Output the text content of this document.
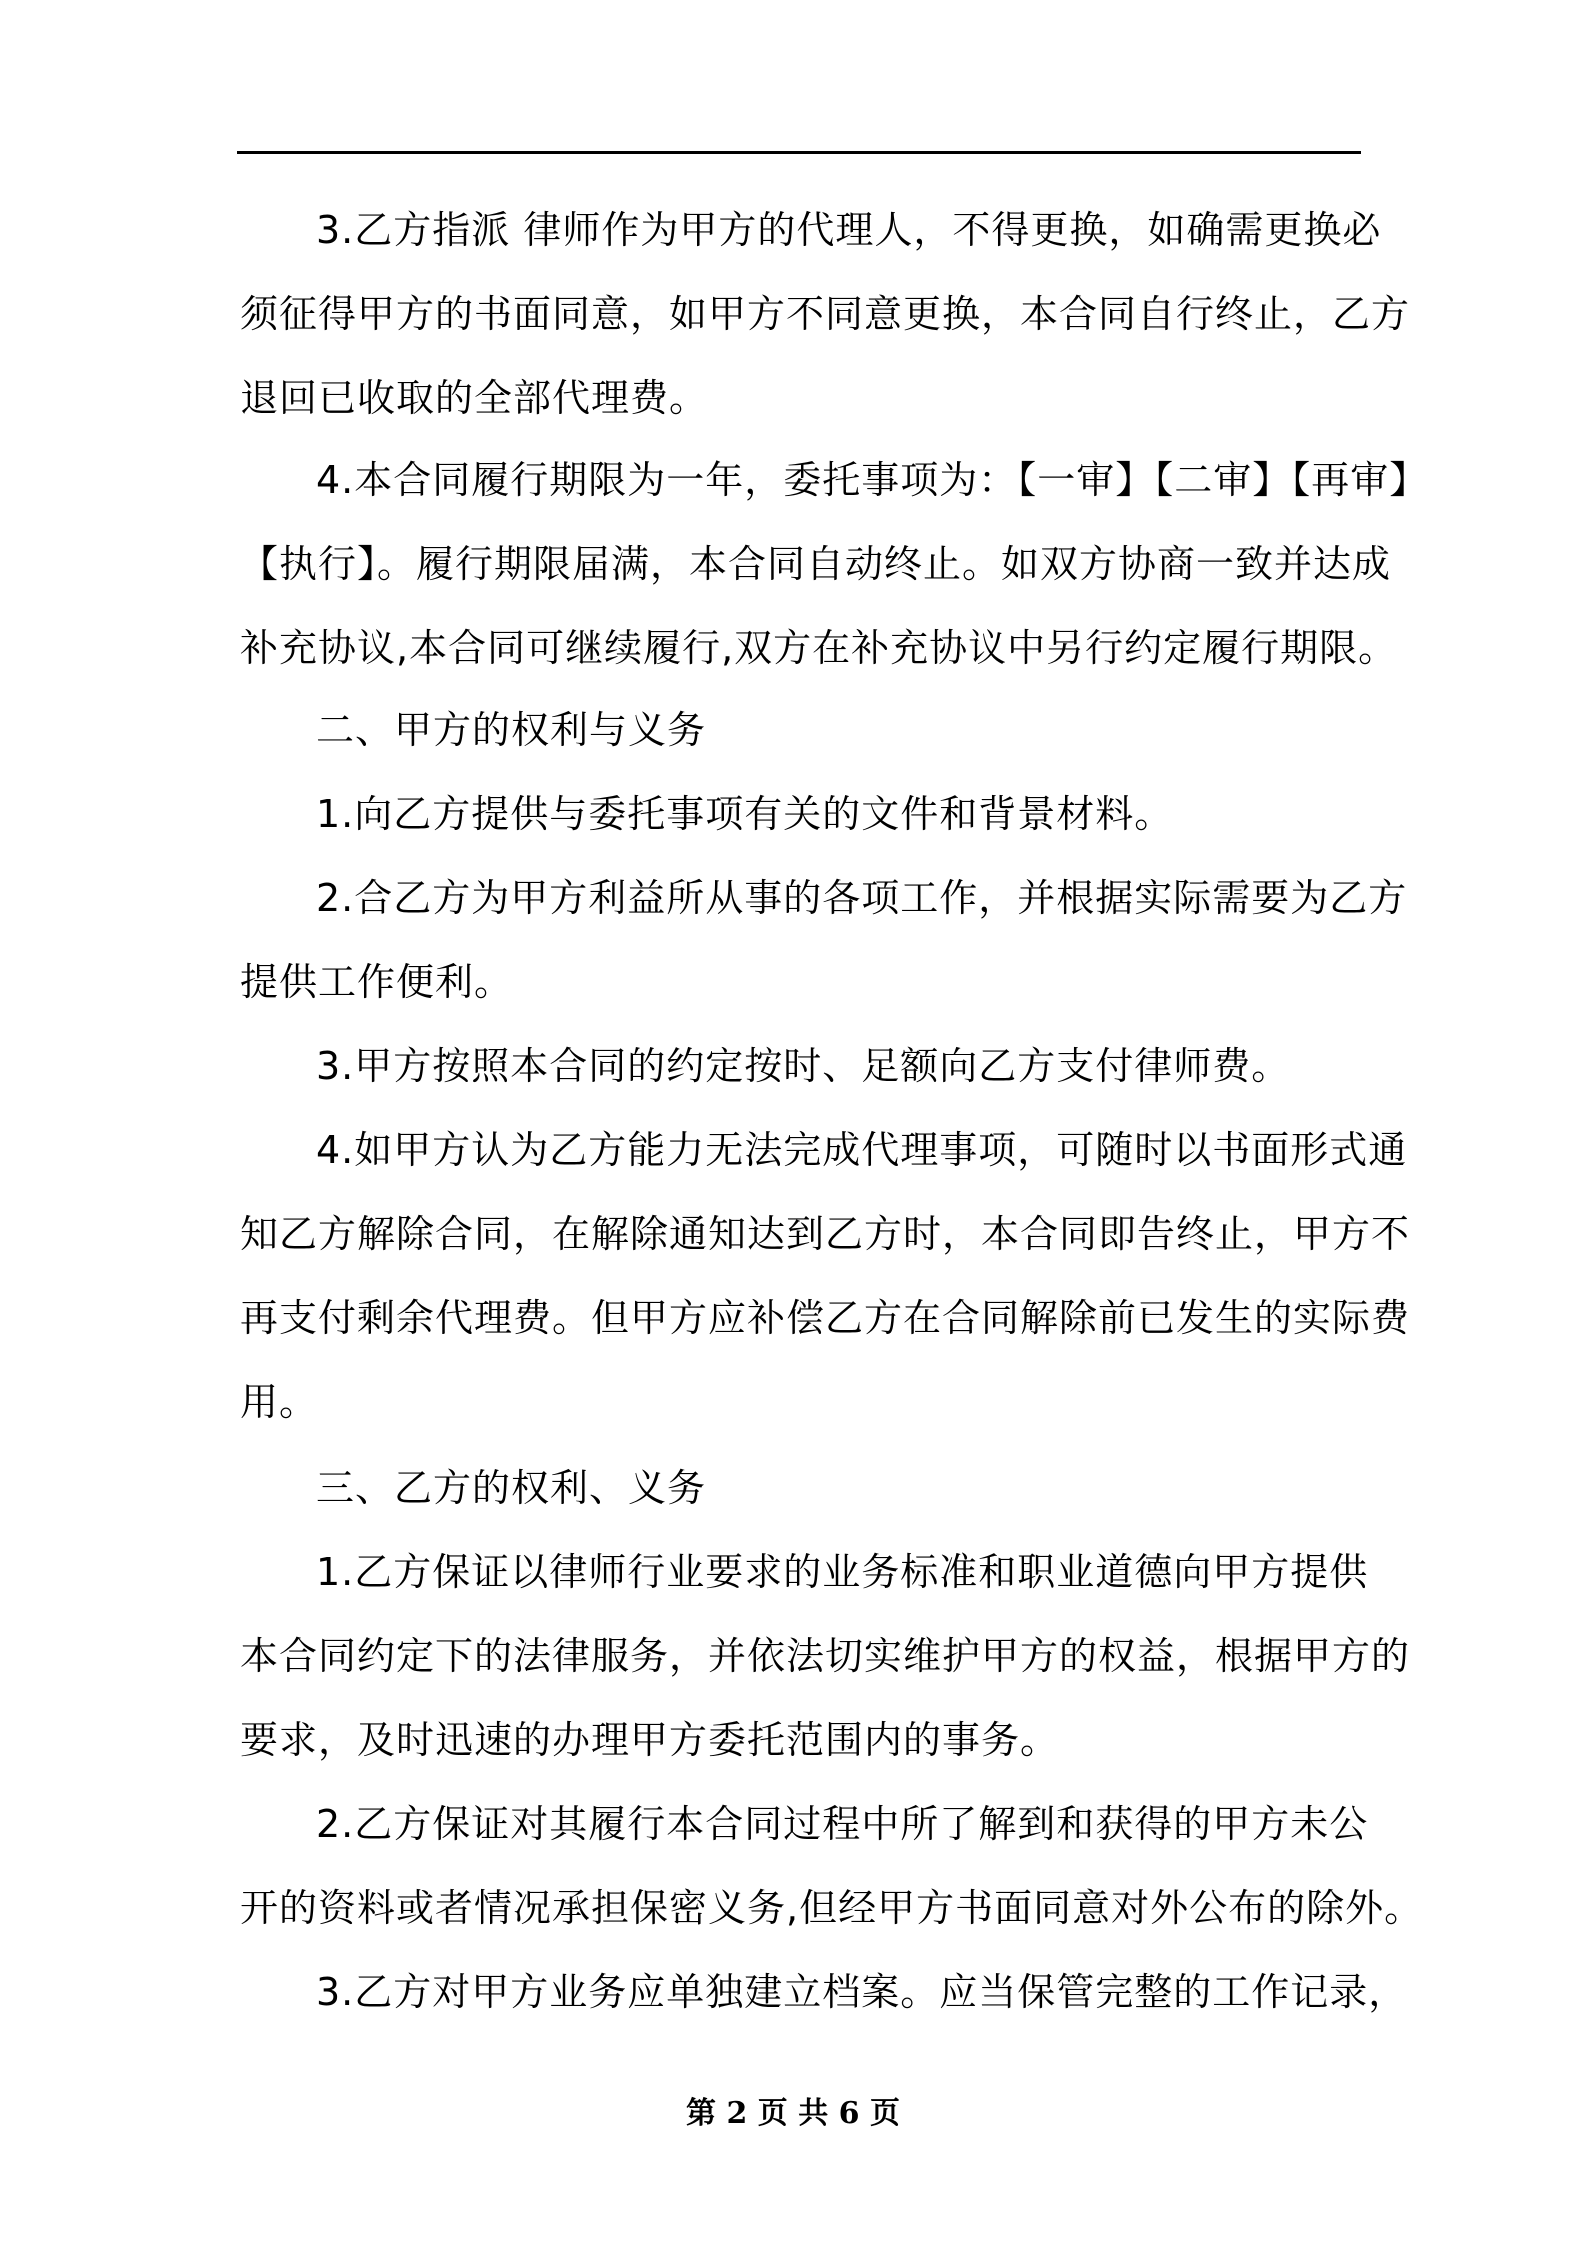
3.乙方指派 律师作为甲方的代理人，不得更换，如确需更换必
须征得甲方的书面同意，如甲方不同意更换，本合同自行终止，乙方
退回已收取的全部代理费。
4.本合同履行期限为一年，委托事项为：【一审】【二审】【再审】
【执行】。履行期限届满，本合同自动终止。如双方协商一致并达成
补充协议,本合同可继续履行,双方在补充协议中另行约定履行期限。
二、甲方的权利与义务
1.向乙方提供与委托事项有关的文件和背景材料。
2.合乙方为甲方利益所从事的各项工作，并根据实际需要为乙方
提供工作便利。
3.甲方按照本合同的约定按时、足额向乙方支付律师费。
4.如甲方认为乙方能力无法完成代理事项，可随时以书面形式通
知乙方解除合同，在解除通知达到乙方时，本合同即告终止，甲方不
再支付剩余代理费。但甲方应补偿乙方在合同解除前已发生的实际费
用。
三、乙方的权利、义务
1.乙方保证以律师行业要求的业务标准和职业道德向甲方提供
本合同约定下的法律服务，并依法切实维护甲方的权益，根据甲方的
要求，及时迅速的办理甲方委托范围内的事务。
2.乙方保证对其履行本合同过程中所了解到和获得的甲方未公
开的资料或者情况承担保密义务,但经甲方书面同意对外公布的除外。
3.乙方对甲方业务应单独建立档案。应当保管完整的工作记录，
第 2 页 共 6 页
